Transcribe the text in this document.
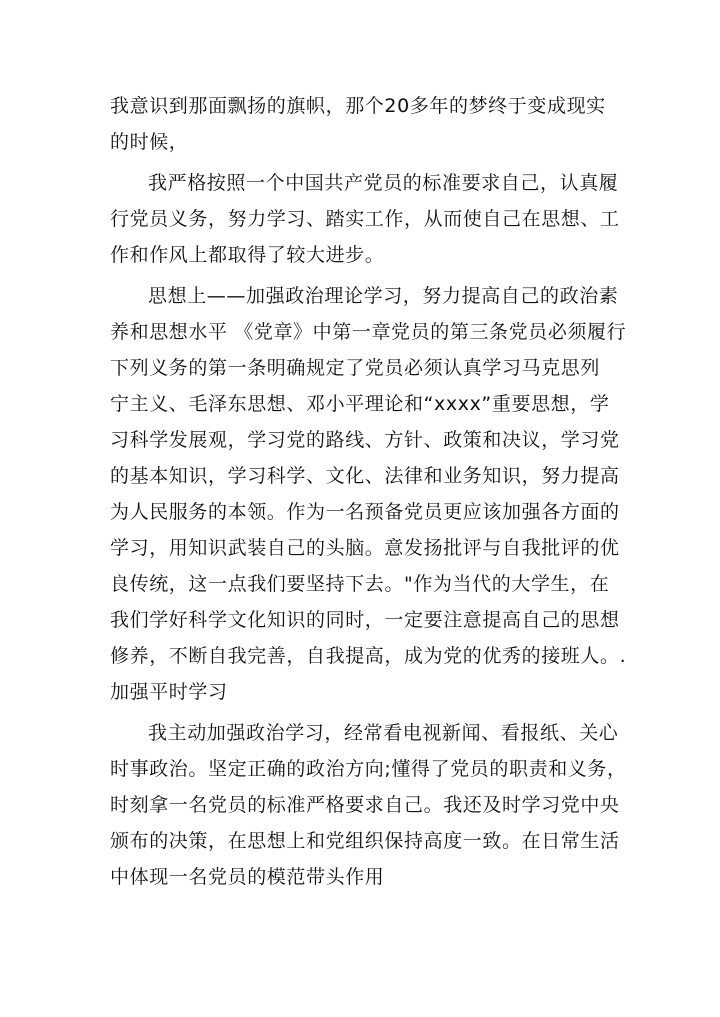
我意识到那面飘扬的旗帜，那个20多年的梦终于变成现实
的时候，
我严格按照一个中国共产党员的标准要求自己，认真履
行党员义务，努力学习、踏实工作，从而使自己在思想、工
作和作风上都取得了较大进步。
思想上——加强政治理论学习，努力提高自己的政治素
养和思想水平 《党章》中第一章党员的第三条党员必须履行
下列义务的第一条明确规定了党员必须认真学习马克思列
宁主义、毛泽东思想、邓小平理论和“xxxx”重要思想，学
习科学发展观，学习党的路线、方针、政策和决议，学习党
的基本知识，学习科学、文化、法律和业务知识，努力提高
为人民服务的本领。作为一名预备党员更应该加强各方面的
学习，用知识武装自己的头脑。意发扬批评与自我批评的优
良传统，这一点我们要坚持下去。"作为当代的大学生，在
我们学好科学文化知识的同时，一定要注意提高自己的思想
修养，不断自我完善，自我提高，成为党的优秀的接班人。.
加强平时学习
我主动加强政治学习，经常看电视新闻、看报纸、关心
时事政治。坚定正确的政治方向;懂得了党员的职责和义务，
时刻拿一名党员的标准严格要求自己。我还及时学习党中央
颁布的决策，在思想上和党组织保持高度一致。在日常生活
中体现一名党员的模范带头作用
